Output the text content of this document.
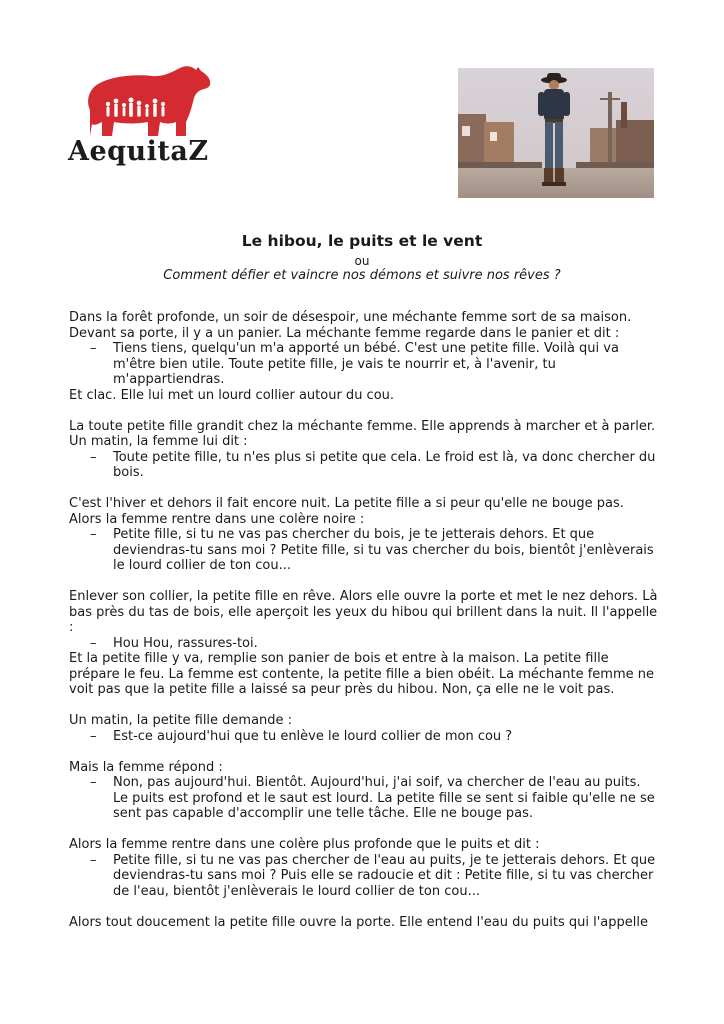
AequitaZ
Le hibou, le puits et le vent
ou
Comment défier et vaincre nos démons et suivre nos rêves ?

Dans la forêt profonde, un soir de désespoir, une méchante femme sort de sa maison. Devant sa porte, il y a un panier. La méchante femme regarde dans le panier et dit :

– Tiens tiens, quelqu'un m'a apporté un bébé. C'est une petite fille. Voilà qui va m'être bien utile. Toute petite fille, je vais te nourrir et, à l'avenir, tu m'appartiendras.

Et clac. Elle lui met un lourd collier autour du cou.

La toute petite fille grandit chez la méchante femme. Elle apprends à marcher et à parler. Un matin, la femme lui dit :

– Toute petite fille, tu n'es plus si petite que cela. Le froid est là, va donc chercher du bois.

C'est l'hiver et dehors il fait encore nuit. La petite fille a si peur qu'elle ne bouge pas. Alors la femme rentre dans une colère noire :

– Petite fille, si tu ne vas pas chercher du bois, je te jetterais dehors. Et que deviendras-tu sans moi ? Petite fille, si tu vas chercher du bois, bientôt j'enlèverais le lourd collier de ton cou...

Enlever son collier, la petite fille en rêve. Alors elle ouvre la porte et met le nez dehors. Là bas près du tas de bois, elle aperçoit les yeux du hibou qui brillent dans la nuit. Il l'appelle :

– Hou Hou, rassures-toi.

Et la petite fille y va, remplie son panier de bois et entre à la maison. La petite fille prépare le feu. La femme est contente, la petite fille a bien obéit. La méchante femme ne voit pas que la petite fille a laissé sa peur près du hibou. Non, ça elle ne le voit pas.

Un matin, la petite fille demande :

– Est-ce aujourd'hui que tu enlève le lourd collier de mon cou ?

Mais la femme répond :

– Non, pas aujourd'hui. Bientôt. Aujourd'hui, j'ai soif, va chercher de l'eau au puits. Le puits est profond et le saut est lourd. La petite fille se sent si faible qu'elle ne se sent pas capable d'accomplir une telle tâche. Elle ne bouge pas.

Alors la femme rentre dans une colère plus profonde que le puits et dit :

– Petite fille, si tu ne vas pas chercher de l'eau au puits, je te jetterais dehors. Et que deviendras-tu sans moi ? Puis elle se radoucie et dit : Petite fille, si tu vas chercher de l'eau, bientôt j'enlèverais le lourd collier de ton cou...

Alors tout doucement la petite fille ouvre la porte. Elle entend l'eau du puits qui l'appelle
